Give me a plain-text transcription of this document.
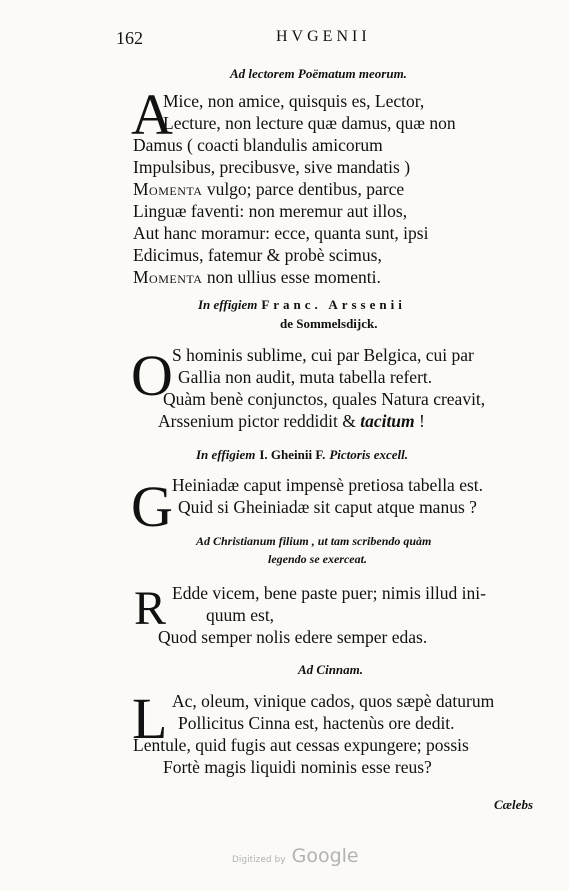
162	HVGENII
Ad lectorem Poëmatum meorum.
A
Mice, non amice, quisquis es, Lector,
Lecture, non lecture quæ damus, quæ non
Damus ( coacti blandulis amicorum
Impulsibus, precibusve, sive mandatis )
Momenta vulgo; parce dentibus, parce
Linguæ faventi: non meremur aut illos,
Aut hanc moramur: ecce, quanta sunt, ipsi
Edicimus, fatemur & probè scimus,
Momenta non ullius esse momenti.
In effigiem Franc. Arssenii
de Sommelsdijck.
O S hominis sublime, cui par Belgica, cui par
Gallia non audit, muta tabella refert.
Quàm benè conjunctos, quales Natura creavit,
Arssenium pictor reddidit & tacitum !
In effigiem I. Gheinii F. Pictoris excell.
G Heiniadæ caput impensè pretiosa tabella est.
Quid si Gheiniadæ sit caput atque manus ?
Ad Christianum filium , ut tam scribendo quàm
legendo se exerceat.
R Edde vicem, bene paste puer; nimis illud ini-
quum est,
Quod semper nolis edere semper edas.
Ad Cinnam.
L Ac, oleum, vinique cados, quos sæpè daturum
Pollicitus Cinna est, hactenùs ore dedit.
Lentule, quid fugis aut cessas expungere; possis
Fortè magis liquidi nominis esse reus?
Cælebs
Digitized by Google
